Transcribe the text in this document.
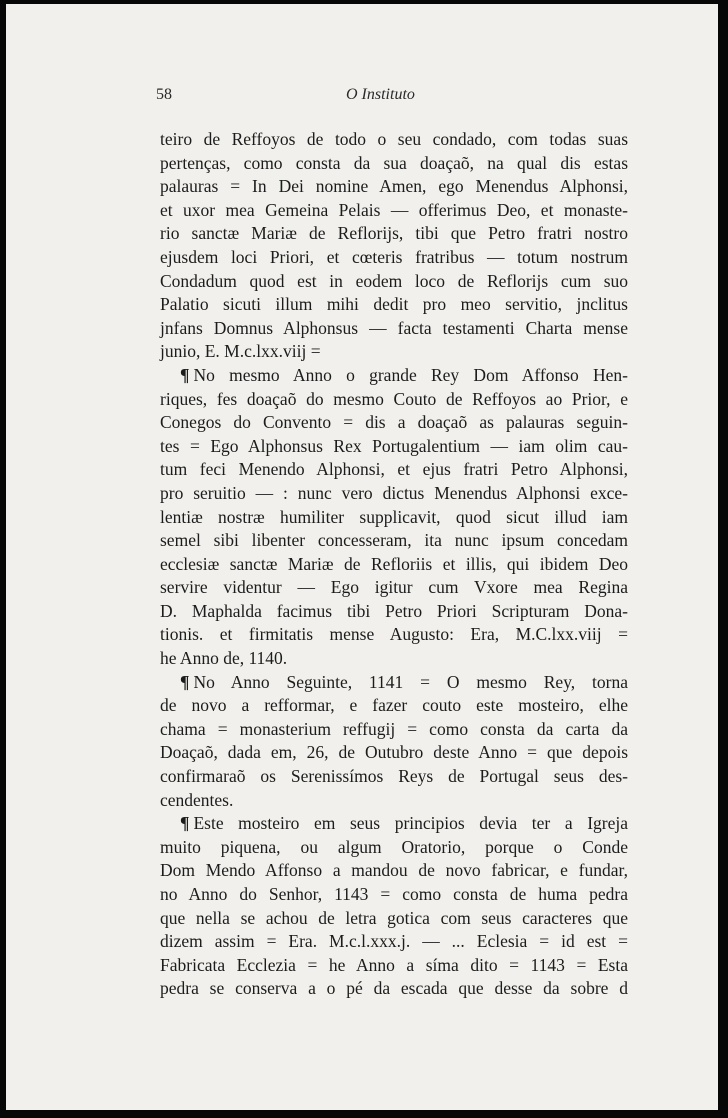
58	O Instituto
teiro de Reffoyos de todo o seu condado, com todas suas
pertenças, como consta da sua doaçaõ, na qual dis estas
palauras = In Dei nomine Amen, ego Menendus Alphonsi,
et uxor mea Gemeina Pelais — offerimus Deo, et monaste-
rio sanctæ Mariæ de Reflorijs, tibi que Petro fratri nostro
ejusdem loci Priori, et cœteris fratribus — totum nostrum
Condadum quod est in eodem loco de Reflorijs cum suo
Palatio sicuti illum mihi dedit pro meo servitio, jnclitus
jnfans Domnus Alphonsus — facta testamenti Charta mense
junio, E. M.c.lxx.viij =
¶ No mesmo Anno o grande Rey Dom Affonso Hen-
riques, fes doaçaõ do mesmo Couto de Reffoyos ao Prior, e
Conegos do Convento = dis a doaçaõ as palauras seguin-
tes = Ego Alphonsus Rex Portugalentium — iam olim cau-
tum feci Menendo Alphonsi, et ejus fratri Petro Alphonsi,
pro seruitio — : nunc vero dictus Menendus Alphonsi exce-
lentiæ nostræ humiliter supplicavit, quod sicut illud iam
semel sibi libenter concesseram, ita nunc ipsum concedam
ecclesiæ sanctæ Mariæ de Refloriis et illis, qui ibidem Deo
servire videntur — Ego igitur cum Vxore mea Regina
D. Maphalda facimus tibi Petro Priori Scripturam Dona-
tionis. et firmitatis mense Augusto: Era, M.C.lxx.viij =
he Anno de, 1140.
¶ No Anno Seguinte, 1141 = O mesmo Rey, torna
de novo a refformar, e fazer couto este mosteiro, elhe
chama = monasterium reffugij = como consta da carta da
Doaçaõ, dada em, 26, de Outubro deste Anno = que depois
confirmaraõ os Serenissímos Reys de Portugal seus des-
cendentes.
¶ Este mosteiro em seus principios devia ter a Igreja
muito piquena, ou algum Oratorio, porque o Conde
Dom Mendo Affonso a mandou de novo fabricar, e fundar,
no Anno do Senhor, 1143 = como consta de huma pedra
que nella se achou de letra gotica com seus caracteres que
dizem assim = Era. M.c.l.xxx.j. — ... Eclesia = id est =
Fabricata Ecclezia = he Anno a síma dito = 1143 = Esta
pedra se conserva a o pé da escada que desse da sobre d
